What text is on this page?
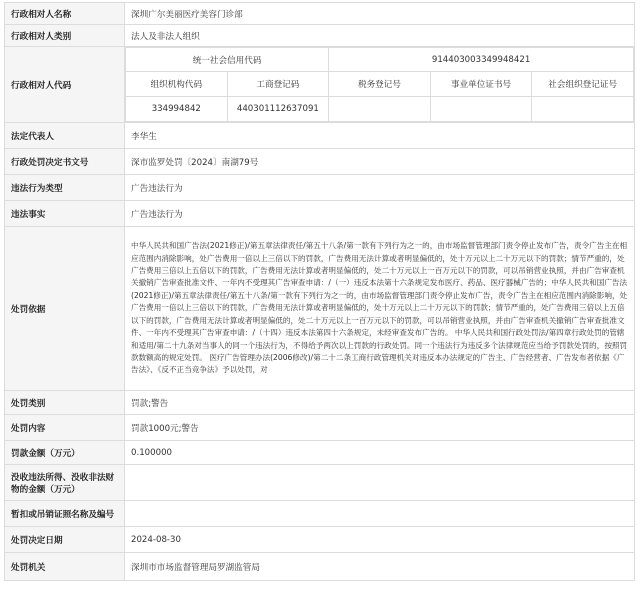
行政相对人名称	深圳广尔美丽医疗美容门诊部
行政相对人类别	法人及非法人组织
行政相对人代码	
统一社会信用代码	914403003349948421
组织机构代码	工商登记码	税务登记号	事业单位证书号	社会组织登记证号
334994842	440301112637091			

法定代表人	李华生
行政处罚决定书文号	深市监罗处罚〔2024〕南湖79号
违法行为类型	广告违法行为
违法事实	广告违法行为
处罚依据	中华人民共和国广告法(2021修正)/第五章法律责任/第五十八条/第一款有下列行为之一的，由市场监督管理部门责令停止发布广告，责令广告主在相应范围内消除影响，处广告费用一倍以上三倍以下的罚款，广告费用无法计算或者明显偏低的，处十万元以上二十万元以下的罚款；情节严重的，处广告费用三倍以上五倍以下的罚款，广告费用无法计算或者明显偏低的，处二十万元以上一百万元以下的罚款，可以吊销营业执照，并由广告审查机关撤销广告审查批准文件、一年内不受理其广告审查申请：/（一）违反本法第十六条规定发布医疗、药品、医疗器械广告的；中华人民共和国广告法(2021修正)/第五章法律责任/第五十八条/第一款有下列行为之一的，由市场监督管理部门责令停止发布广告，责令广告主在相应范围内消除影响，处广告费用一倍以上三倍以下的罚款，广告费用无法计算或者明显偏低的，处十万元以上二十万元以下的罚款；情节严重的，处广告费用三倍以上五倍以下的罚款，广告费用无法计算或者明显偏低的，处二十万元以上一百万元以下的罚款，可以吊销营业执照，并由广告审查机关撤销广告审查批准文件、一年内不受理其广告审查申请：/（十四）违反本法第四十六条规定，未经审查发布广告的。 中华人民共和国行政处罚法/第四章行政处罚的管辖和适用/第二十九条对当事人的同一个违法行为，不得给予两次以上罚款的行政处罚。同一个违法行为违反多个法律规范应当给予罚款处罚的，按照罚款数额高的规定处罚。 医疗广告管理办法(2006修改)/第二十二条工商行政管理机关对违反本办法规定的广告主、广告经营者、广告发布者依据《广告法》、《反不正当竞争法》予以处罚，对
处罚类别	罚款;警告
处罚内容	罚款1000元;警告
罚款金额（万元）	0.100000
没收违法所得、没收非法财物的金额（万元）	
暂扣或吊销证照名称及编号	
处罚决定日期	2024-08-30
处罚机关	深圳市市场监督管理局罗湖监管局
